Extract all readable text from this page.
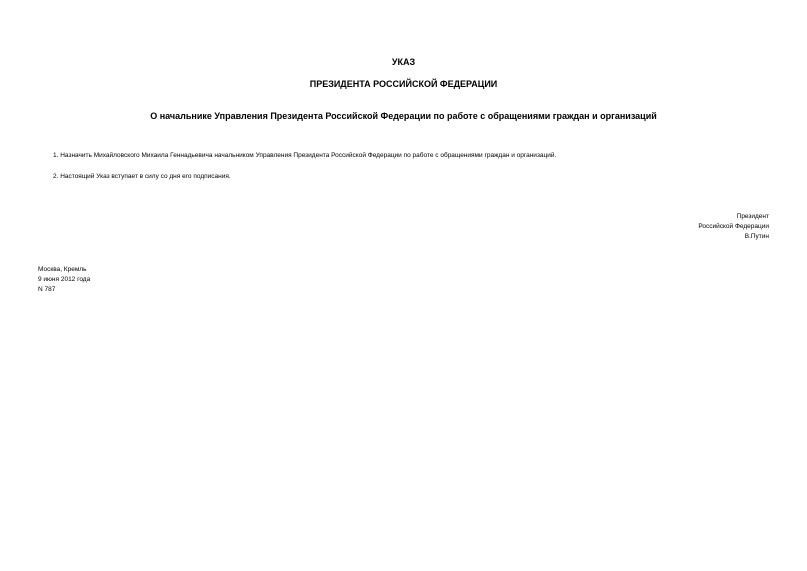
УКАЗ
ПРЕЗИДЕНТА РОССИЙСКОЙ ФЕДЕРАЦИИ
О начальнике Управления Президента Российской Федерации по работе с обращениями граждан и организаций
1. Назначить Михайловского Михаила Геннадьевича начальником Управления Президента Российской Федерации по работе с обращениями граждан и организаций.
2. Настоящий Указ вступает в силу со дня его подписания.
Президент
Российской Федерации
В.Путин
Москва, Кремль
9 июня 2012 года
N 787
